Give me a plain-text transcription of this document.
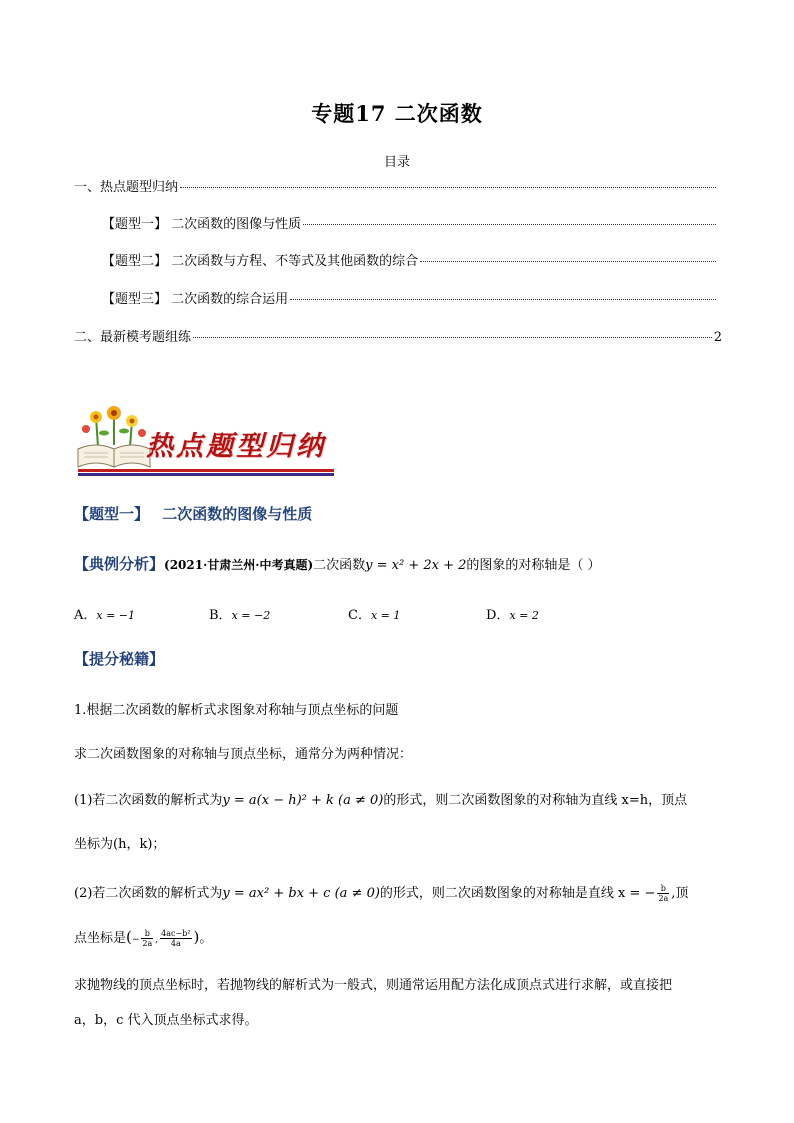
专题17 二次函数
目录
一、热点题型归纳
【题型一】 二次函数的图像与性质
【题型二】 二次函数与方程、不等式及其他函数的综合
【题型三】 二次函数的综合运用
二、最新模考题组练	2
热点题型归纳
【题型一】 二次函数的图像与性质
【典例分析】(2021·甘肃兰州·中考真题)二次函数y = x² + 2x + 2的图象的对称轴是（ ）
A．x = −1	B．x = −2	C．x = 1	D．x = 2
【提分秘籍】
1.根据二次函数的解析式求图象对称轴与顶点坐标的问题
求二次函数图象的对称轴与顶点坐标，通常分为两种情况：
(1)若二次函数的解析式为y = a(x − h)² + k (a ≠ 0)的形式，则二次函数图象的对称轴为直线 x=h，顶点
坐标为(h，k)；
(2)若二次函数的解析式为y = ax² + bx + c (a ≠ 0)的形式，则二次函数图象的对称轴是直线 x = − $\frac{b}{2a}$ ,顶
点坐标是(− $\frac{b}{2a}$ , $\frac{\text{4ac−b²}}{4a}$ )。
求抛物线的顶点坐标时，若抛物线的解析式为一般式，则通常运用配方法化成顶点式进行求解，或直接把
a，b，c 代入顶点坐标式求得。
